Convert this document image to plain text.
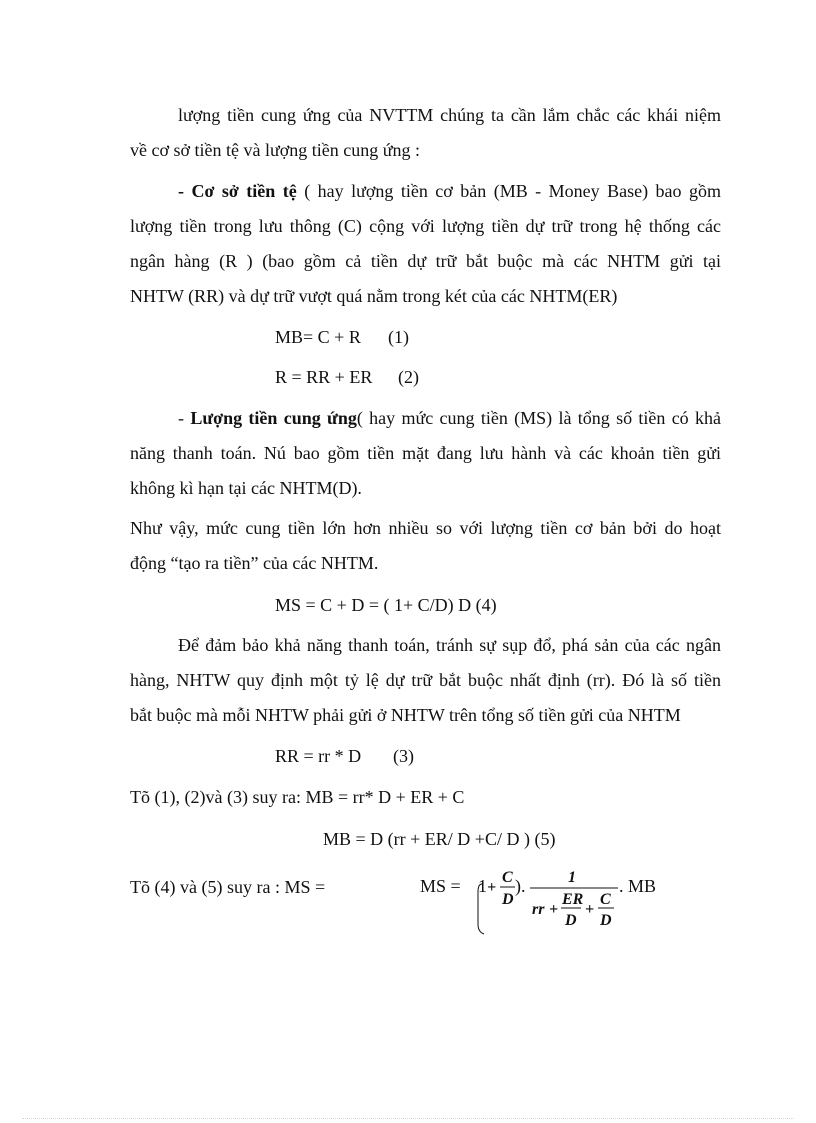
lượng tiền cung ứng của NVTTM chúng ta cần lắm chắc các khái niệm
về cơ sở tiền tệ và lượng tiền cung ứng :
- Cơ sở tiền tệ ( hay lượng tiền cơ bản (MB - Money Base) bao gồm
lượng tiền trong lưu thông (C) cộng với lượng tiền dự trữ trong hệ thống các
ngân hàng (R ) (bao gồm cả tiền dự trữ bắt buộc mà các NHTM gửi tại
NHTW (RR) và dự trữ vượt quá nằm trong két của các NHTM(ER)
MB= C + R (1)
R = RR + ER (2)
- Lượng tiền cung ứng( hay mức cung tiền (MS) là tổng số tiền có khả
năng thanh toán. Nú bao gồm tiền mặt đang lưu hành và các khoản tiền gửi
không kì hạn tại các NHTM(D).
Như vậy, mức cung tiền lớn hơn nhiều so với lượng tiền cơ bản bởi do hoạt
động “tạo ra tiền” của các NHTM.
MS = C + D = ( 1+ C/D) D (4)
Để đảm bảo khả năng thanh toán, tránh sự sụp đổ, phá sản của các ngân
hàng, NHTW quy định một tỷ lệ dự trữ bắt buộc nhất định (rr). Đó là số tiền
bắt buộc mà mỗi NHTW phải gửi ở NHTW trên tổng số tiền gửi của NHTM
RR = rr * D (3)
Tõ (1), (2)và (3) suy ra: MB = rr* D + ER + C
MB = D (rr + ER/ D +C/ D ) (5)
Tõ (4) và (5) suy ra : MS =	MS = 1 +
C
D
).	1
rr +
ER
D
+
C
D
. MB
